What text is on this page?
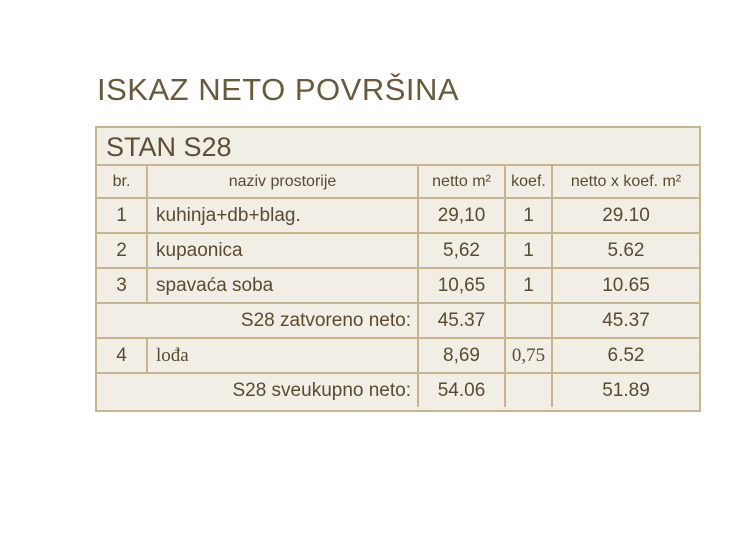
ISKAZ NETO POVRŠINA
STAN S28
br.	naziv prostorije	netto m²	koef.	netto x koef. m²
1	kuhinja+db+blag.	29,10	1	29.10
2	kupaonica	5,62	1	5.62
3	spavaća soba	10,65	1	10.65
S28 zatvoreno neto:		45.37		45.37
4	lođa	8,69	0,75	6.52
S28 sveukupno neto:		54.06		51.89
